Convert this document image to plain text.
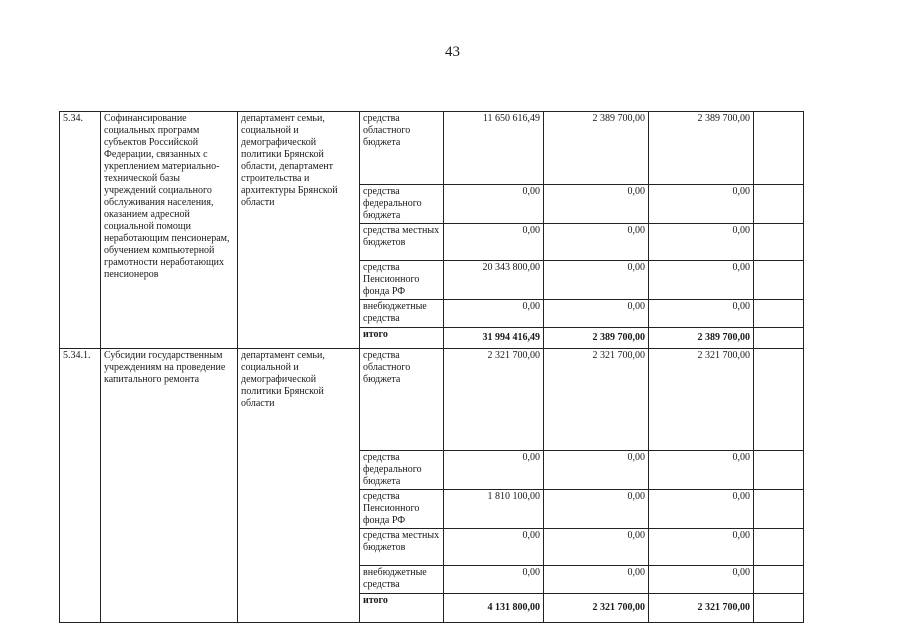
43
5.34.	Софинансирование социальных программ субъектов Российской Федерации, связанных с укреплением материально-технической базы учреждений социального обслуживания населения, оказанием адресной социальной помощи неработающим пенсионерам, обучением компьютерной грамотности неработающих пенсионеров	департамент семьи, социальной и демографической политики Брянской области, департамент строительства и архитектуры Брянской области	средства областного бюджета	11 650 616,49	2 389 700,00	2 389 700,00	
			средства федерального бюджета	0,00	0,00	0,00	
			средства местных бюджетов	0,00	0,00	0,00	
			средства Пенсионного фонда РФ	20 343 800,00	0,00	0,00	
			внебюджетные средства	0,00	0,00	0,00	
			итого	31 994 416,49	2 389 700,00	2 389 700,00	
5.34.1.	Субсидии государственным учреждениям на проведение капитального ремонта	департамент семьи, социальной и демографической политики Брянской области	средства областного бюджета	2 321 700,00	2 321 700,00	2 321 700,00	
			средства федерального бюджета	0,00	0,00	0,00	
			средства Пенсионного фонда РФ	1 810 100,00	0,00	0,00	
			средства местных бюджетов	0,00	0,00	0,00	
			внебюджетные средства	0,00	0,00	0,00	
			итого	4 131 800,00	2 321 700,00	2 321 700,00	
